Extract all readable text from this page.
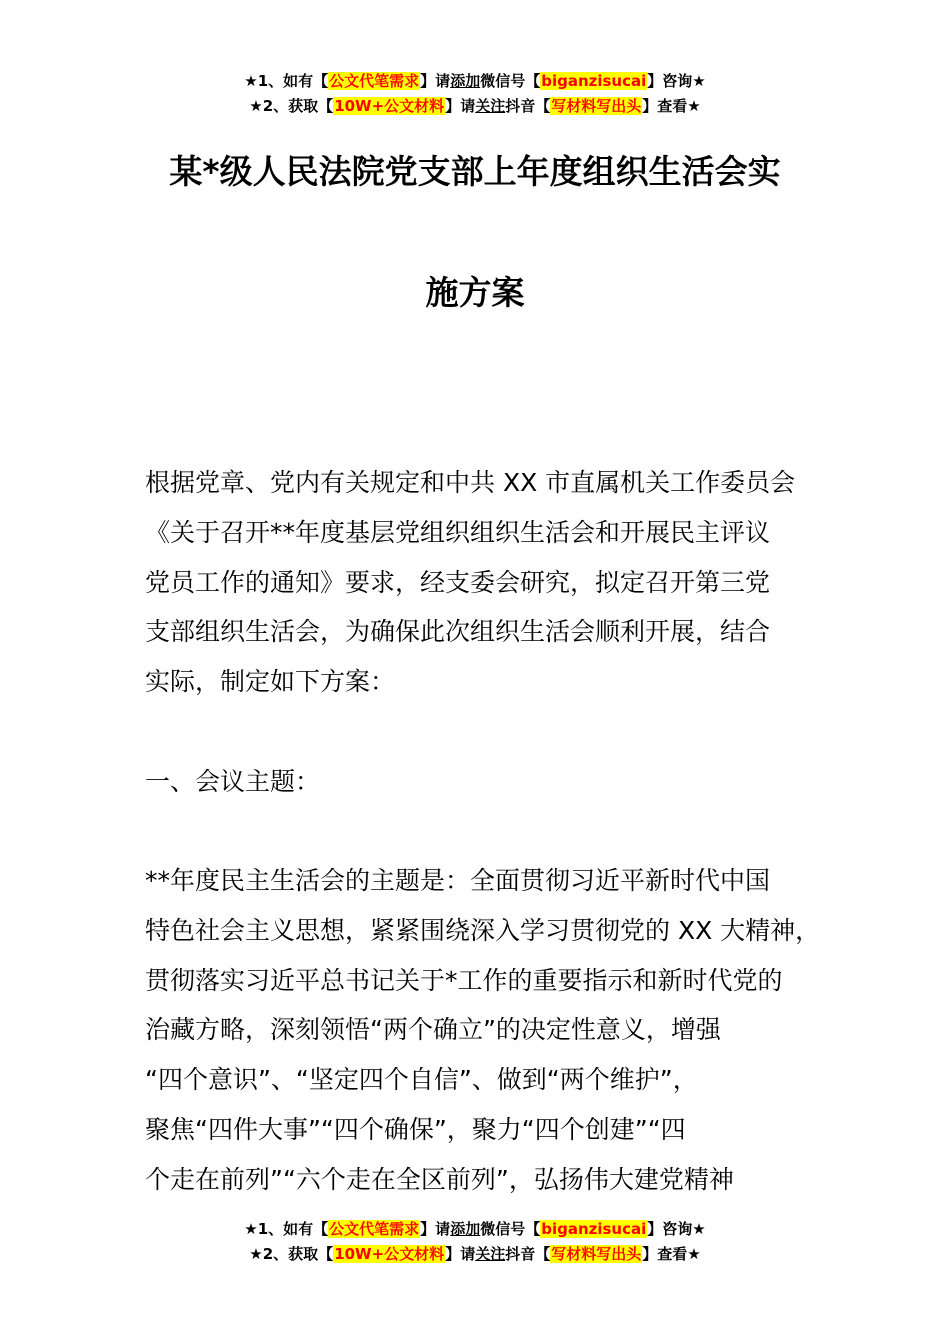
★1、如有【公文代笔需求】请添加微信号【biganzisucai】咨询★
★2、获取【10W+公文材料】请关注抖音【写材料写出头】查看★
某*级人民法院党支部上年度组织生活会实
施方案
根据党章、党内有关规定和中共 XX 市直属机关工作委员会
《关于召开**年度基层党组织组织生活会和开展民主评议
党员工作的通知》要求，经支委会研究，拟定召开第三党
支部组织生活会，为确保此次组织生活会顺利开展，结合
实际，制定如下方案：
一、会议主题：
**年度民主生活会的主题是：全面贯彻习近平新时代中国
特色社会主义思想，紧紧围绕深入学习贯彻党的 XX 大精神，
贯彻落实习近平总书记关于*工作的重要指示和新时代党的
治藏方略，深刻领悟“两个确立”的决定性意义，增强
“四个意识”、“坚定四个自信”、做到“两个维护”，
聚焦“四件大事”“四个确保”，聚力“四个创建”“四
个走在前列”“六个走在全区前列”，弘扬伟大建党精神
★1、如有【公文代笔需求】请添加微信号【biganzisucai】咨询★
★2、获取【10W+公文材料】请关注抖音【写材料写出头】查看★
